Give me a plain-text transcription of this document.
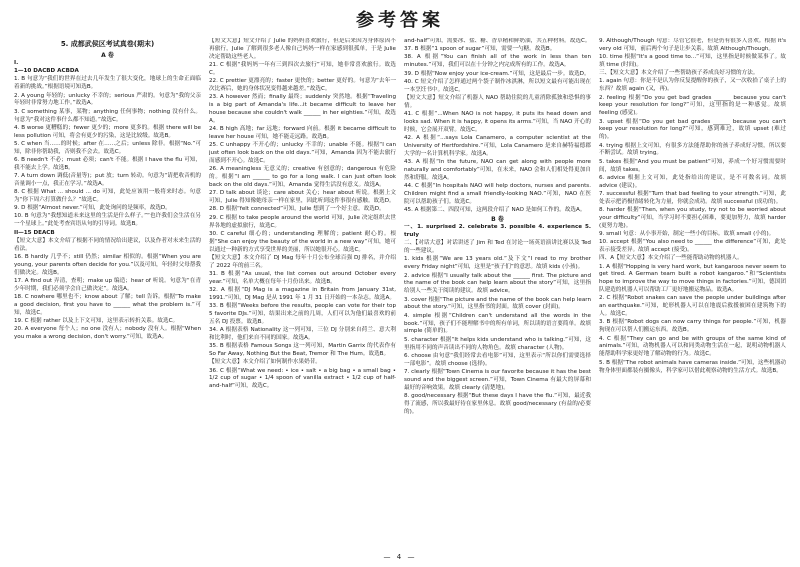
参考答案
5. 成都武侯区考试真卷(期末)
A 卷

I.

1—10 DACBD ACBDA

1. B 句意为“我们的世界在过去几年发生了很大变化，地球上的生命正面临着新的挑战。”根据语境可知选B。

2. A young 年轻的；unlucky 不幸的；serious 严肃的。句意为“我的父亲年轻时非常努力地工作。”故选A。

3. C something 某事，某物；anything 任何事物；nothing 没有什么。句意为“我对这件事什么都不知道。”故选C。

4. B worse 更糟糕的；fewer 更少的；more 更多的。根据 there will be less pollution 可知，将会有更少的污染，这是比较级。故选B。

5. C when 当……的时候；after 在……之后；unless 除非。根据“No.”可知，除非你帮助我，否则我不会去。故选C。

6. B needn't 不必；must 必须；can't 不能。根据 I have the flu 可知，我不能去上学。故选B。

7. A turn down 调低(音量等)；put 放；turn 转动。句意为“请把收音机的音量调小一点，我正在学习。”故选A。

8. C 根据 What ... should ... do 可知，此处应该用一般将来时态。句意为“你下周六打算做什么？”故选C。

9. D 根据“Almost never.”可知，此处询问的是频率，故选D。

10. B 句意为“我想知道未来这里的生活是什么样子。”“也许我们会生活在另一个星球上。”此处考查宾语从句的引导词。故选B。

II—15 DEACB

【短文大意】本文介绍了根据不同的情况给出建议，以及作者对未来生活的看法。

16. B hardly 几乎不；still 仍然；similar 相似的。根据“When you are young, your parents often decide for you.”以及可知，年轻时父母帮我们做决定。故选B。

17. A find out 弄清，查明；make up 编造；hear of 听说。句意为“在青少年时期，我们必须学会自己做决定”。故选A。

18. C nowhere 哪里也不；know about 了解；tell 告诉。根据“To make a good decision, first you have to ______ what the problem is.”可知，故选C。

19. C 根据 rather 以及上下文可知，这里表示转折关系。故选C。

20. A everyone 每个人；no one 没有人；nobody 没有人。根据“When you make a wrong decision, don't worry.”可知，故选A。

【短文大意】短文介绍了 Julie 的妈妈喜欢旅行，但是后来因为身体原因不再旅行，Julie 了解到很多老人像自己妈妈一样在家感到很孤单，于是 Julie 决定帮助这些老人。

21. C 根据“我妈妈一年有三到四次去旅行”可知，她非常喜欢旅行。故选C。

22. C prettier 更漂亮的；faster 更快的；better 更好的。句意为“去年一次比赛后，她的身体状况变得越来越差。”故选C。

23. A however 然而；finally 最终；suddenly 突然地。根据“Traveling is a big part of Amanda's life...it became difficult to leave her house because she couldn't walk ______ in her eighties.”可知，故选A。

24. B high 高地；far 远地；forward 向前。根据 it became difficult to leave her house 可知，她不能走远路。故选B。

25. C unhappy 不开心的；unlucky 不幸的；unable 不能。根据“I can just often look back on the old days.”可知，Amanda 因为不能去旅行而感到不开心。故选C。

26. A meaningless 无意义的；creative 有创意的；dangerous 有危险的。根据“I am ______ to go for a long walk. I can just often look back on the old days.”可知，Amanda 觉得生活没有意义。故选A。

27. D talk about 谈论；care about 关心；hear about 听说。根据上文可知，Julie 得知像她母亲一样在家里，因此听到这件事很有感触。故选D。

28. D 根据“felt connected”可知，Julie 想到了一个好主意。故选D。

29. C 根据 to take people around the world 可知，Julie 决定组织去世界各地的虚拟旅行，故选C。

30. C careful 细心的；understanding 理解的；patient 耐心的。根据“She can enjoy the beauty of the world in a new way”可知，她可以通过一种新的方式享受世界的美丽，所以她很开心。故选C。

【短文大意】本文介绍了 DJ Mag 每年十月公布全球百强 DJ 排名，并介绍了 2022 年的前三名。

31. B 根据“As usual, the list comes out around October every year.”可知，名单大概在每年十月份出来。故选B。

32. A 根据“DJ Mag is a magazine in Britain from January 31st, 1991.”可知，DJ Mag 是从 1991 年 1 月 31 日开始的一本杂志。故选A。

33. B 根据“Weeks before the results, people can vote for their top 5 favorite DJs.”可知，结果出来之前的几周，人们可以为他们最喜欢的前五名 DJ 投票。故选B。

34. A 根据表格 Nationality 这一列可知，三位 DJ 分别来自荷兰、意大利和比利时，他们来自不同的国家。故选A。

35. B 根据表格 Famous Songs 这一列可知，Martin Garrix 的代表作有 So Far Away, Nothing But the Beat, Tremor 和 The Hum。故选B。

【短文大意】本文介绍了如何制作水果奶昔。

36. C 根据“What we need: • ice • salt • a big bag • a small bag • 1/2 cup of sugar • 1/4 spoon of vanilla extract • 1/2 cup of half-and-half”可知，故选C。

and-half”可知，需要冰、盐、糖、香草精和鲜奶油，共五种材料。故选C。

37. B 根据“1 spoon of sugar”可知，需要一勺糖。故选B。

38. A 根据“You can finish all of the work in less than ten minutes.”可知，我们可以在十分钟之内完成所有的工作。故选A。

39. D 根据“Now enjoy your ice-cream.”可知，这是最后一步。故选D。

40. C 短文介绍了怎样通过两个袋子制作冰淇淋，所以短文最有可能出现在一本烹饪书中。故选C。

【短文大意】短文介绍了机器人 NAO 帮助住院的儿童消除孤独和恐惧的事情。

41. C 根据“...When NAO is not happy, it puts its head down and looks sad. When it is happy, it opens its arms.”可知，当 NAO 开心的时候，它会展开双臂。故选C。

42. A 根据“...says Lola Canamero, a computer scientist at the University of Hertfordshire.”可知，Lola Canamero 是来自赫特福德郡大学的一名计算机科学家。故选A。

43. A 根据“In the future, NAO can get along with people more naturally and comfortably”可知，在未来，NAO 会和人们相处得更加自然和舒服。故选A。

44. C 根据“In hospitals NAO will help doctors, nurses and parents. Children might find a small friendly-looking NAO.”可知，NAO 在医院可以帮助孩子们。故选C。

45. A 根据第二、四段可知，这两段介绍了 NAO 是如何工作的。故选A。

B 卷

一、1. surprised 2. celebrate 3. possible 4. experience 5. truly

二、【对话大意】对话讲述了 Jim 和 Ted 在讨论一场英语演讲比赛以及 Ted 的一些建议。

1. kids 根据“We are 13 years old.”及下文“I read to my brother every Friday night”可知，这里是“孩子们”的意思。故填 kids (小孩)。

2. advice 根据“I usually talk about the ______ first. The picture and the name of the book can help learn about the story”可知，这里指给别人一些关于阅读的建议。故填 advice。

3. cover 根据“The picture and the name of the book can help learn about the story.”可知，这里指书的封面。故填 cover (封面)。

4. simple 根据“Children can't understand all the words in the book.”可知，孩子们不能理解书中的所有单词，所以读的语言要简单。故填 simple (简单的)。

5. character 根据“It helps kids understand who is talking.”可知，这里指用不同的声音读出不同的人物角色。故填 character (人物)。

6. choose 由句意“我们经常去看电影”可知，这里表示“所以你们需要选择一部电影”。故填 choose (选择)。

7. clearly 根据“Town Cinema is our favorite because it has the best sound and the biggest screen.”可知，Town Cinema 有最大的屏幕和最好的音响效果。故填 clearly (清楚地)。

8. good/necessary 根据“But these days I have the flu.”可知，最近我得了流感，所以我最好待在家里休息。故填 good/necessary (有益的/必要的)。

9. Although/Though 句意：尽管它很老，但是仍有很多人喜欢。根据 it's very old 可知，前后两个句子是让步关系。故填 Although/Though。

10. time 根据“It's a good time to...”可知，这里指是时候做某事了。故填 time (时间)。

三、【短文大意】本文介绍了一些帮助孩子养成良好习惯的方法。

1. again 句意：你是不是认为你反复提醒你的孩子，又一次收拾了桌子上的东西？故填 again (又，再)。

2. feeling 根据“Do you get bad grades ______ because you can't keep your resolution for long?”可知，这里指的是一种感觉。故填 feeling (感觉)。

3. upset 根据“Do you get bad grades ______ because you can't keep your resolution for long?”可知，感到难过，故填 upset (难过的)。

4. trying 根据上文可知，有很多方法能帮助你的孩子养成好习惯，所以要不断尝试。故填 trying。

5. takes 根据“And you must be patient”可知，养成一个好习惯需要时间，故填 takes。

6. advice 根据上文可知，此处指给出的建议，是不可数名词。故填 advice (建议)。

7. successful 根据“Turn that bad feeling to your strength.”可知，此处表示把消极情绪转化为力量，你就会成功。故填 successful (成功的)。

8. harder 根据“Then, when you study, try not to be worried about your difficulty”可知，当学习时不要担心困难，要更加努力，故填 harder (更努力地)。

9. small 句意：从小事开始，制定一些小的目标。故填 small (小的)。

10. accept 根据“You also need to ______ the difference”可知，此处表示接受差异。故填 accept (接受)。

四、A【短文大意】本文介绍了一些能帮助动物的机器人。

1. A 根据“Hopping is very hard work, but kangaroos never seem to get tired. A German team built a robot kangaroo.”和“Scientists hope to improve the way to move things in factories.”可知，德国团队建造的机器人可以帮助工厂更好地搬运物品。故选A。

2. C 根据“Robot snakes can save the people under buildings after an earthquake.”可知，蛇形机器人可以在地震后救援被困在建筑物下的人。故选C。

3. B 根据“Robot dogs can now carry things for people.”可知，机器狗现在可以帮人们搬运东西。故选B。

4. C 根据“They can go and be with groups of the same kind of animals.”可知，动物机器人可以和同类动物生活在一起，说明动物机器人能帮助科学家更好地了解动物的行为。故选C。

5. B 根据“The robot animals have cameras inside.”可知，这些机器动物身体里面都装有摄像头，科学家可以借此观察动物的生活方式。故选B。

— 4 —
